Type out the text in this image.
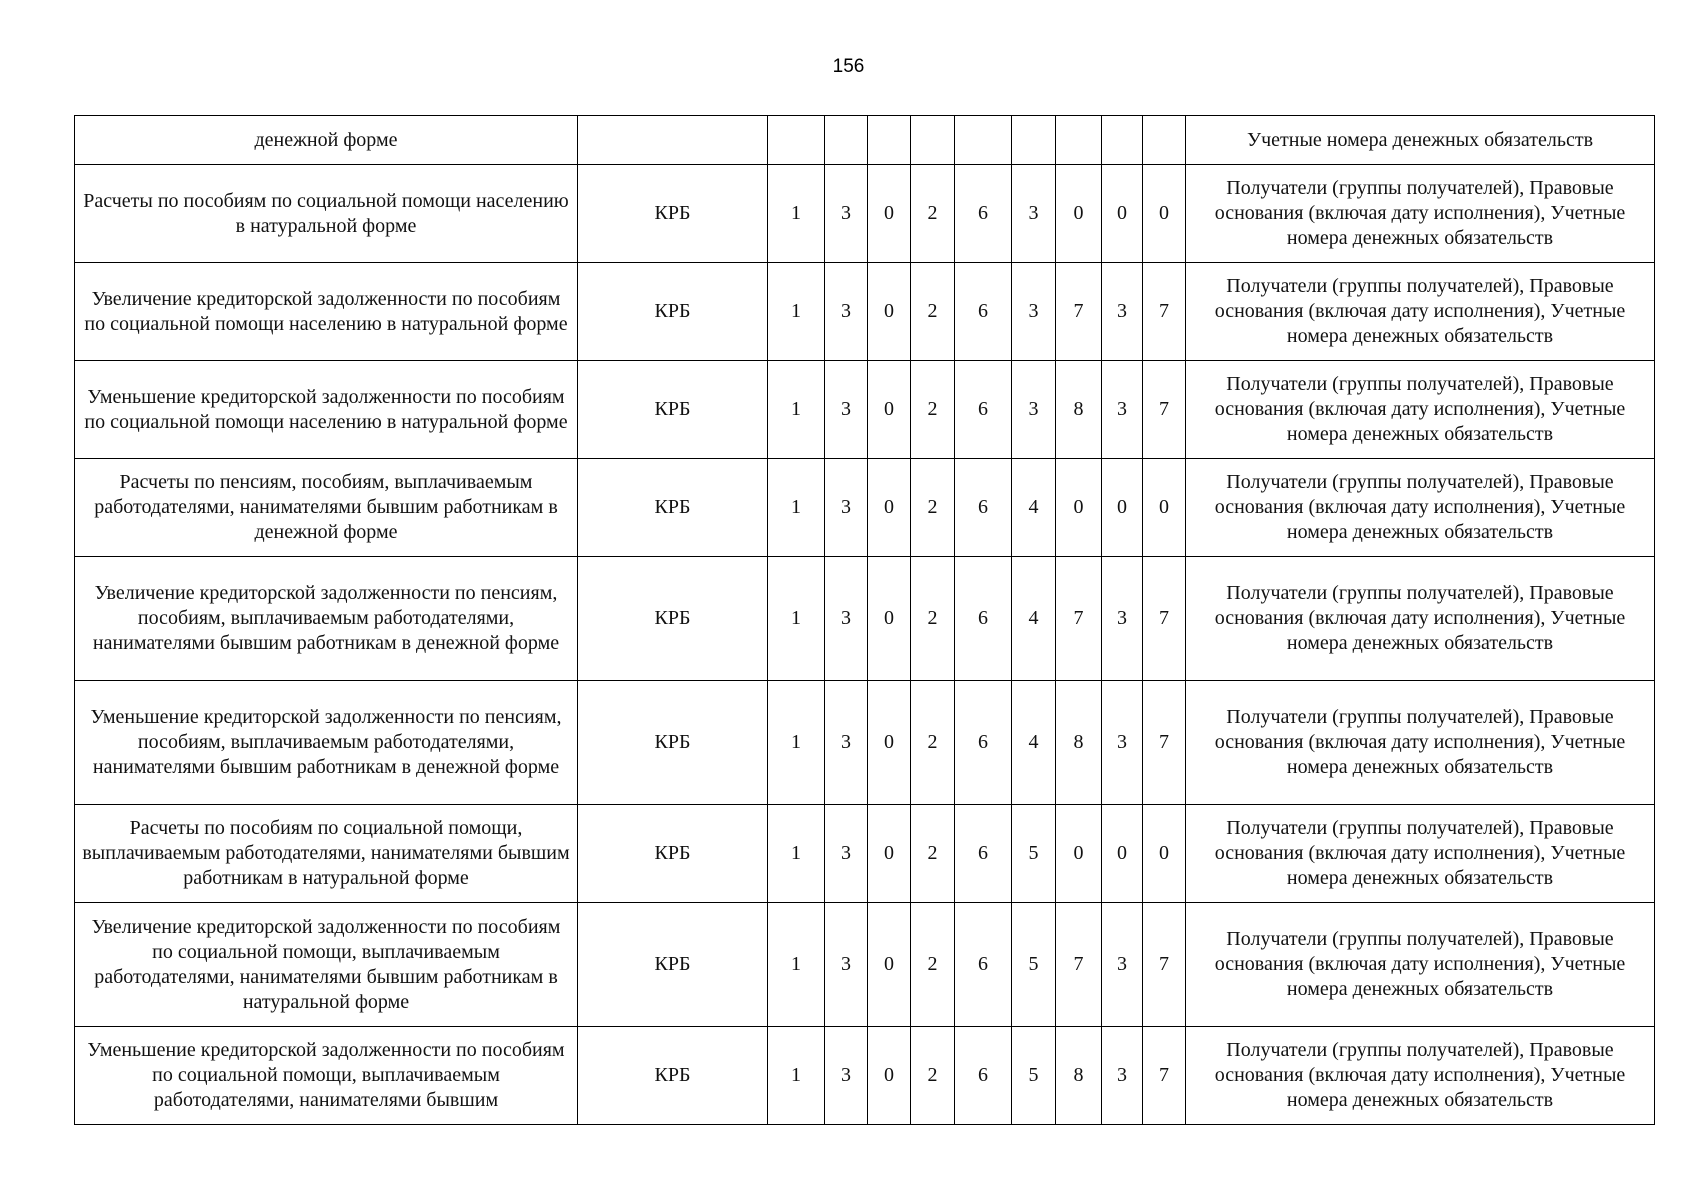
156
денежной форме											Учетные номера денежных обязательств
Расчеты по пособиям по социальной помощи населению в натуральной форме	КРБ	1	3	0	2	6	3	0	0	0	Получатели (группы получателей), Правовые основания (включая дату исполнения), Учетные номера денежных обязательств
Увеличение кредиторской задолженности по пособиям по социальной помощи населению в натуральной форме	КРБ	1	3	0	2	6	3	7	3	7	Получатели (группы получателей), Правовые основания (включая дату исполнения), Учетные номера денежных обязательств
Уменьшение кредиторской задолженности по пособиям по социальной помощи населению в натуральной форме	КРБ	1	3	0	2	6	3	8	3	7	Получатели (группы получателей), Правовые основания (включая дату исполнения), Учетные номера денежных обязательств
Расчеты по пенсиям, пособиям, выплачиваемым работодателями, нанимателями бывшим работникам в денежной форме	КРБ	1	3	0	2	6	4	0	0	0	Получатели (группы получателей), Правовые основания (включая дату исполнения), Учетные номера денежных обязательств
Увеличение кредиторской задолженности по пенсиям, пособиям, выплачиваемым работодателями, нанимателями бывшим работникам в денежной форме	КРБ	1	3	0	2	6	4	7	3	7	Получатели (группы получателей), Правовые основания (включая дату исполнения), Учетные номера денежных обязательств
Уменьшение кредиторской задолженности по пенсиям, пособиям, выплачиваемым работодателями, нанимателями бывшим работникам в денежной форме	КРБ	1	3	0	2	6	4	8	3	7	Получатели (группы получателей), Правовые основания (включая дату исполнения), Учетные номера денежных обязательств
Расчеты по пособиям по социальной помощи, выплачиваемым работодателями, нанимателями бывшим работникам в натуральной форме	КРБ	1	3	0	2	6	5	0	0	0	Получатели (группы получателей), Правовые основания (включая дату исполнения), Учетные номера денежных обязательств
Увеличение кредиторской задолженности по пособиям по социальной помощи, выплачиваемым работодателями, нанимателями бывшим работникам в натуральной форме	КРБ	1	3	0	2	6	5	7	3	7	Получатели (группы получателей), Правовые основания (включая дату исполнения), Учетные номера денежных обязательств
Уменьшение кредиторской задолженности по пособиям по социальной помощи, выплачиваемым работодателями, нанимателями бывшим	КРБ	1	3	0	2	6	5	8	3	7	Получатели (группы получателей), Правовые основания (включая дату исполнения), Учетные номера денежных обязательств
